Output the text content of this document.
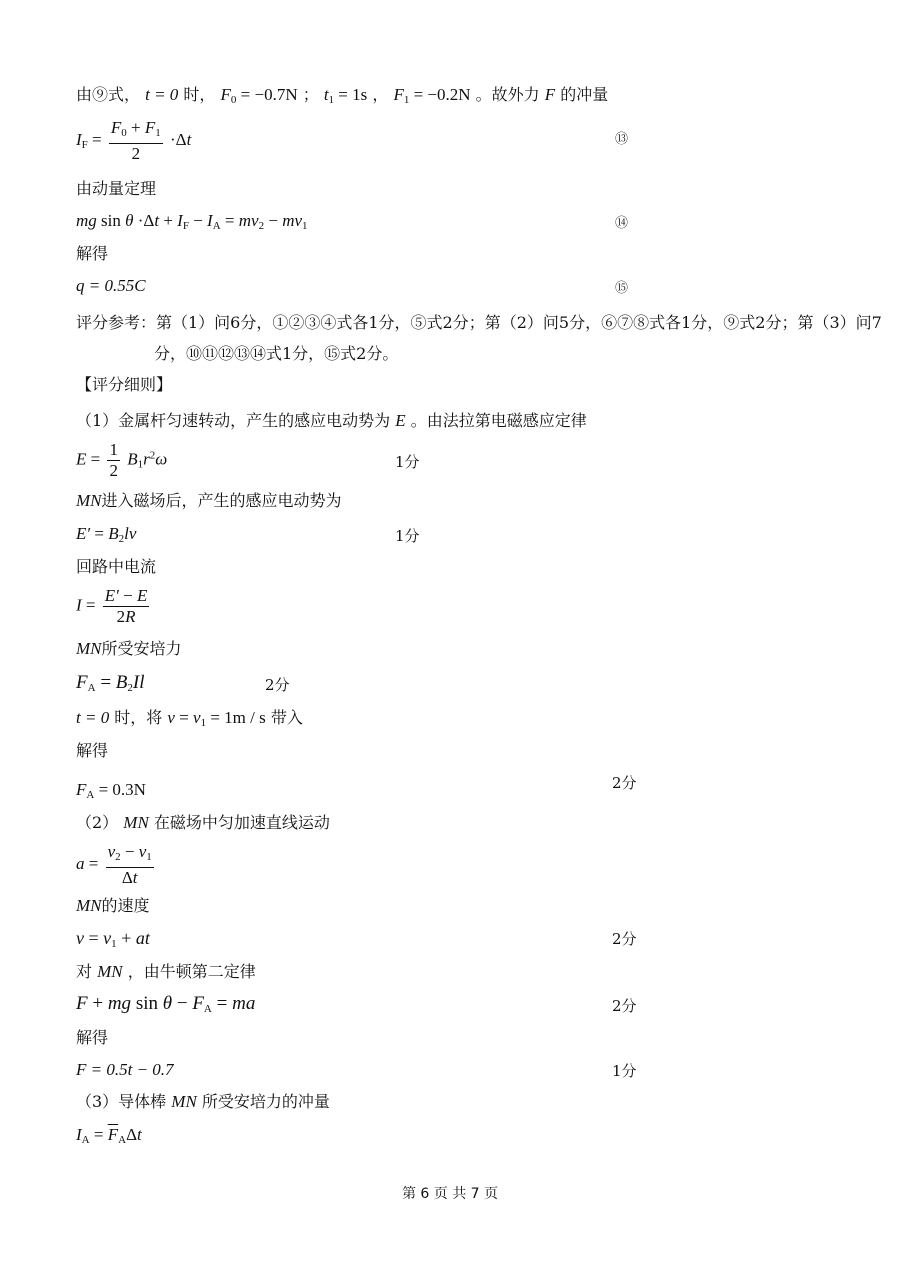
由⑨式， t = 0 时， $F_0 = -0.7N$ ； $t_1 = 1s$ ， $F_1 = -0.2N$ 。故外力 F 的冲量
$I_F = \frac{F_0 + F_1}{2} \cdot\Delta t$	⑬
由动量定理
mg $\sin \theta \cdot\Delta t + I_F - I_A = mv_2 - mv_1$	⑭
解得
q = 0.55C	⑮
评分参考：第（1）问6分，①②③④式各1分，⑤式2分；第（2）问5分，⑥⑦⑧式各1分，⑨式2分；第（3）问7
分，⑩⑪⑫⑬⑭式1分，⑮式2分。
【评分细则】
（1）金属杆匀速转动，产生的感应电动势为 E 。由法拉第电磁感应定律
$E = \frac{1}{2} B_1r^2\omega$	1分
MN进入磁场后，产生的感应电动势为
$E' = B_2lv$	1分
回路中电流
$I = \frac{E' - E}{2R}$
MN所受安培力
$F_A = B_2Il$	2分
t = 0 时，将 $v = v_1 = 1m / s$ 带入
解得
$F_A = 0.3N$	2分
（2） MN 在磁场中匀加速直线运动
$a = \frac{v_2 - v_1}{\Delta t}$
MN的速度
$v = v_1$ + at	2分
对 MN ，由牛顿第二定律
F + mg $\sin \theta - F_A$ = ma	2分
解得
F = 0.5t − 0.7	1分
（3）导体棒 MN 所受安培力的冲量
$I_A = \overline{F}_A\Delta t$
第 6 页 共 7 页
